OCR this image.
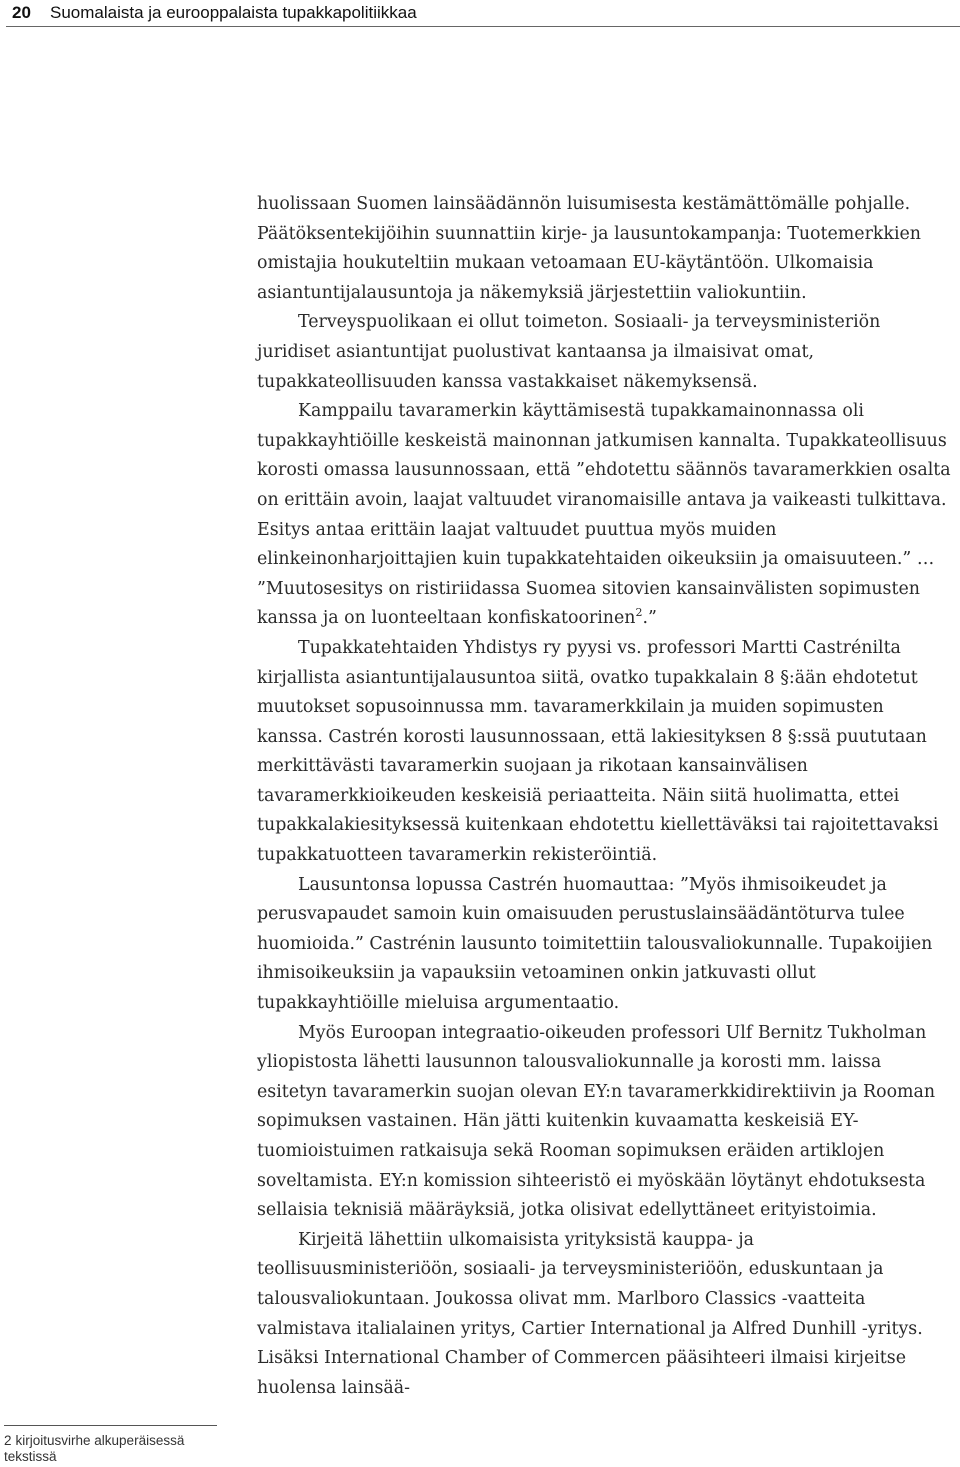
20 Suomalaista ja eurooppalaista tupakkapolitiikkaa

2 kirjoitusvirhe alkuperäisessä tekstissä

huolissaan Suomen lainsäädännön luisumisesta kestämättömälle pohjalle. Päätöksentekijöihin suunnattiin kirje- ja lausuntokampanja: Tuotemerkkien omistajia houkuteltiin mukaan vetoamaan EU-käytäntöön. Ulkomaisia asiantuntijalausuntoja ja näkemyksiä järjestettiin valiokuntiin.

Terveyspuolikaan ei ollut toimeton. Sosiaali- ja terveysministeriön juridiset asiantuntijat puolustivat kantaansa ja ilmaisivat omat, tupakkateollisuuden kanssa vastakkaiset näkemyksensä.

Kamppailu tavaramerkin käyttämisestä tupakkamainonnassa oli tupakkayhtiöille keskeistä mainonnan jatkumisen kannalta. Tupakkateollisuus korosti omassa lausunnossaan, että ”ehdotettu säännös tavaramerkkien osalta on erittäin avoin, laajat valtuudet viranomaisille antava ja vaikeasti tulkittava. Esitys antaa erittäin laajat valtuudet puuttua myös muiden elinkeinonharjoittajien kuin tupakkatehtaiden oikeuksiin ja omaisuuteen.” … ”Muutosesitys on ristiriidassa Suomea sitovien kansainvälisten sopimusten kanssa ja on luonteeltaan konfiskatoorinen$^2$.”

Tupakkatehtaiden Yhdistys ry pyysi vs. professori Martti Castrénilta kirjallista asiantuntijalausuntoa siitä, ovatko tupakkalain 8 §:ään ehdotetut muutokset sopusoinnussa mm. tavaramerkkilain ja muiden sopimusten kanssa. Castrén korosti lausunnossaan, että lakiesityksen 8 §:ssä puututaan merkittävästi tavaramerkin suojaan ja rikotaan kansainvälisen tavaramerkkioikeuden keskeisiä periaatteita. Näin siitä huolimatta, ettei tupakkalakiesityksessä kuitenkaan ehdotettu kiellettäväksi tai rajoitettavaksi tupakkatuotteen tavaramerkin rekisteröintiä.

Lausuntonsa lopussa Castrén huomauttaa: ”Myös ihmisoikeudet ja perusvapaudet samoin kuin omaisuuden perustuslainsäädäntöturva tulee huomioida.” Castrénin lausunto toimitettiin talousvaliokunnalle. Tupakoijien ihmisoikeuksiin ja vapauksiin vetoaminen onkin jatkuvasti ollut tupakkayhtiöille mieluisa argumentaatio.

Myös Euroopan integraatio-oikeuden professori Ulf Bernitz Tukholman yliopistosta lähetti lausunnon talousvaliokunnalle ja korosti mm. laissa esitetyn tavaramerkin suojan olevan EY:n tavaramerkkidirektiivin ja Rooman sopimuksen vastainen. Hän jätti kuitenkin kuvaamatta keskeisiä EY-tuomioistuimen ratkaisuja sekä Rooman sopimuksen eräiden artiklojen soveltamista. EY:n komission sihteeristö ei myöskään löytänyt ehdotuksesta sellaisia teknisiä määräyksiä, jotka olisivat edellyttäneet erityistoimia.

Kirjeitä lähettiin ulkomaisista yrityksistä kauppa- ja teollisuusministeriöön, sosiaali- ja terveysministeriöön, eduskuntaan ja talousvaliokuntaan. Joukossa olivat mm. Marlboro Classics -vaatteita valmistava italialainen yritys, Cartier International ja Alfred Dunhill -yritys. Lisäksi International Chamber of Commercen pääsihteeri ilmaisi kirjeitse huolensa lainsää-
